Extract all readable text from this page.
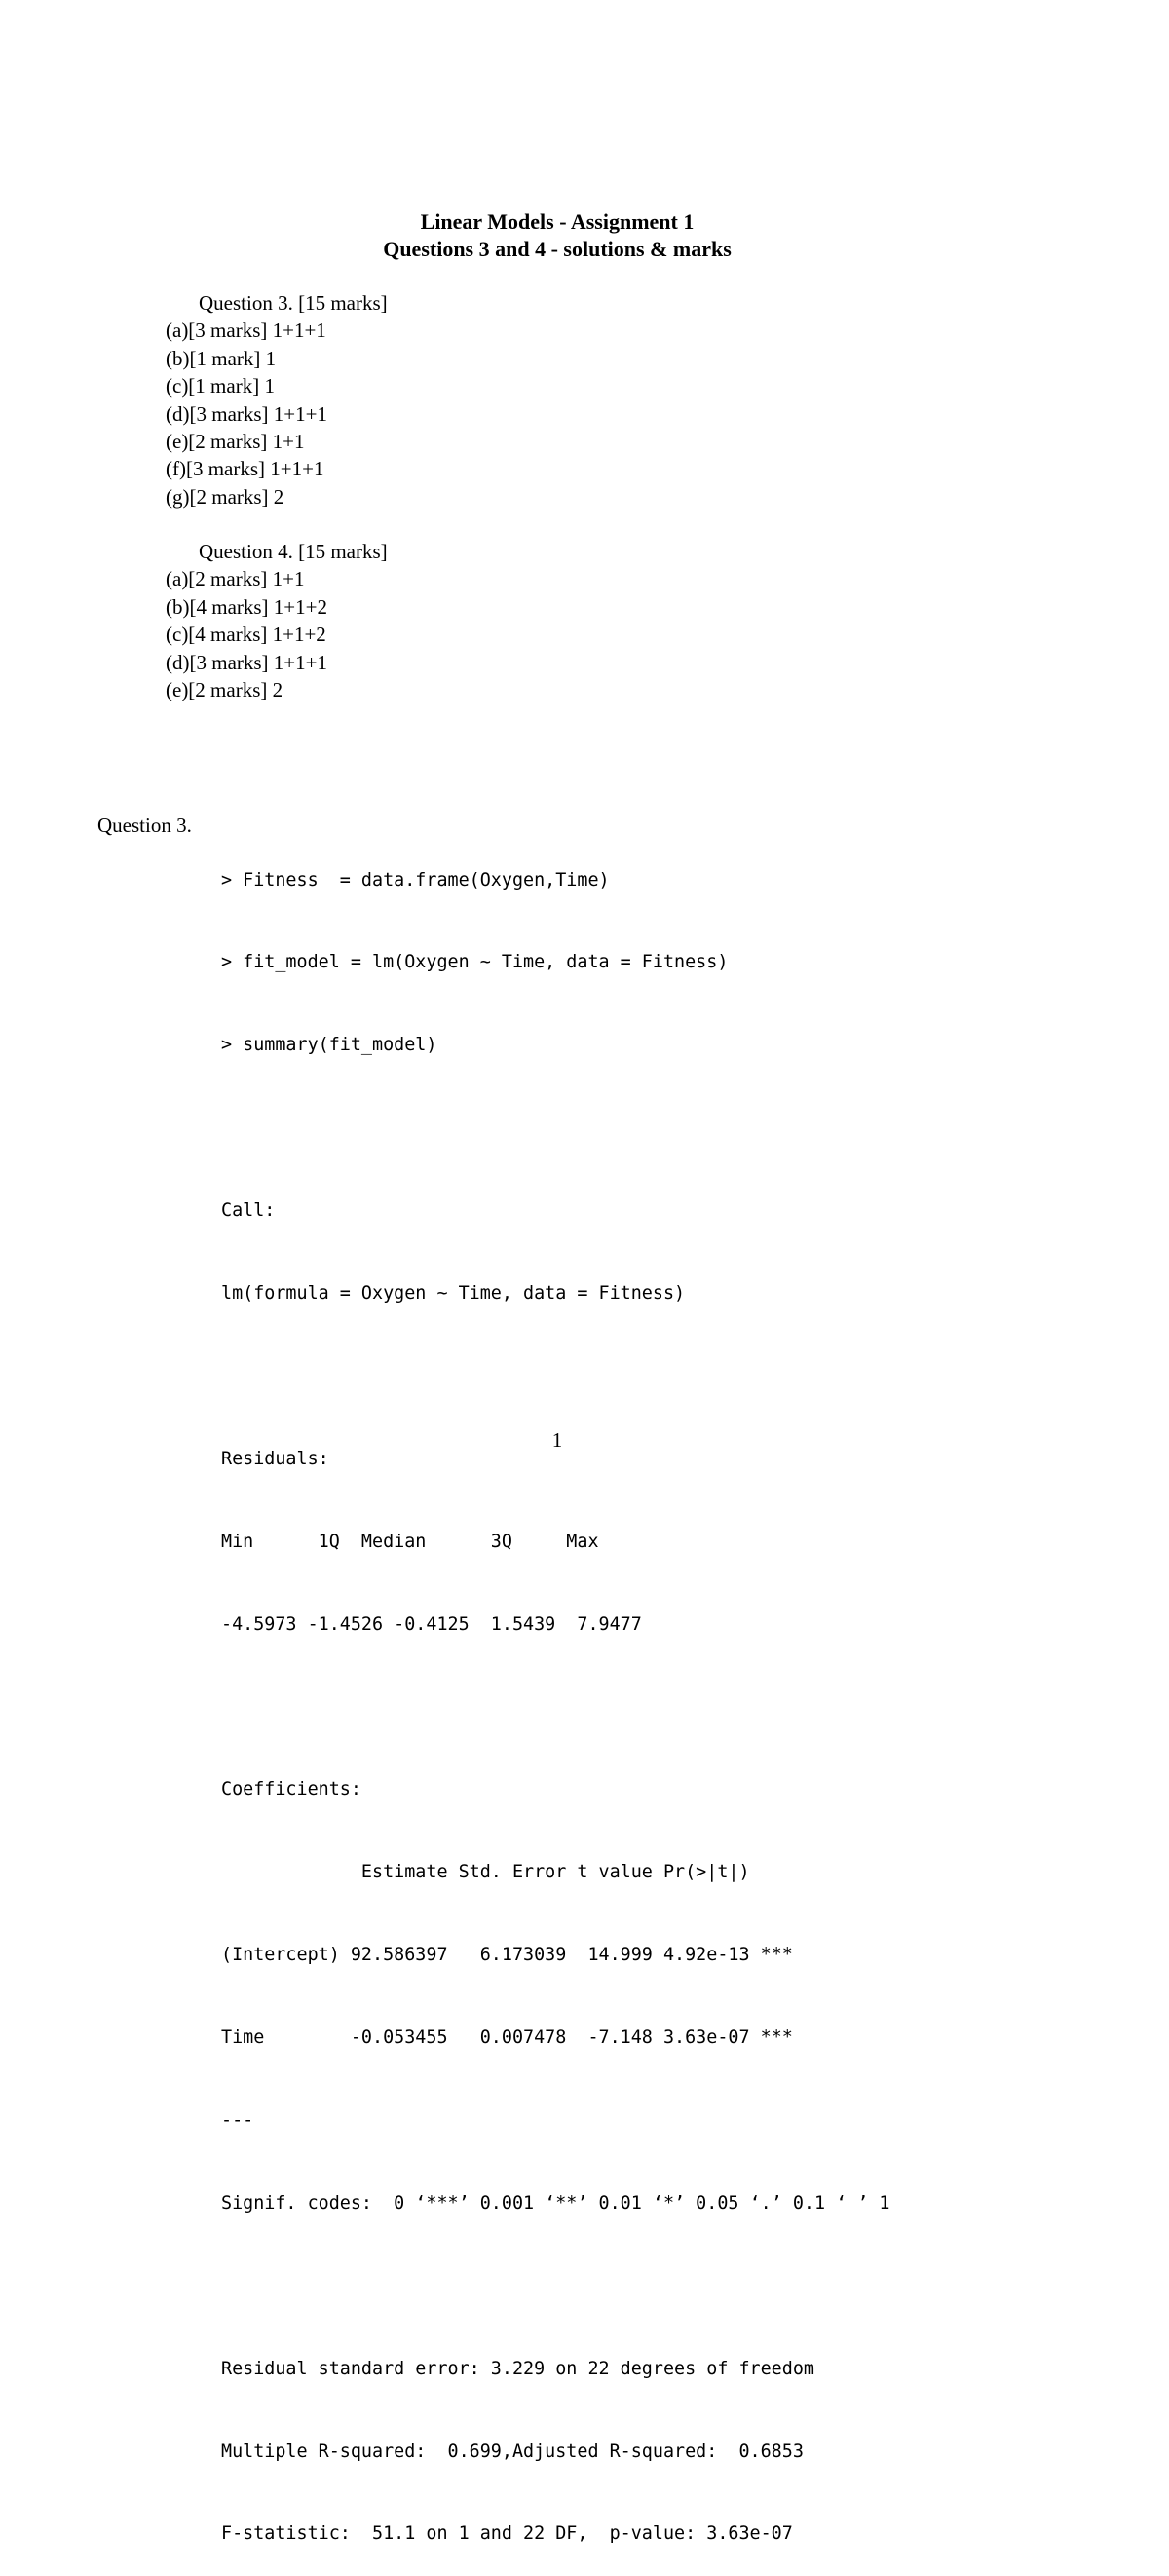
Linear Models - Assignment 1
Questions 3 and 4 - solutions & marks
Question 3. [15 marks]
(a)[3 marks] 1+1+1
(b)[1 mark] 1
(c)[1 mark] 1
(d)[3 marks] 1+1+1
(e)[2 marks] 1+1
(f)[3 marks] 1+1+1
(g)[2 marks] 2
Question 4. [15 marks]
(a)[2 marks] 1+1
(b)[4 marks] 1+1+2
(c)[4 marks] 1+1+2
(d)[3 marks] 1+1+1
(e)[2 marks] 2
Question 3.

> Fitness  = data.frame(Oxygen,Time)

> fit_model = lm(Oxygen ~ Time, data = Fitness)

> summary(fit_model)

Call:

lm(formula = Oxygen ~ Time, data = Fitness)

Residuals:

Min      1Q  Median      3Q     Max

-4.5973 -1.4526 -0.4125  1.5439  7.9477

Coefficients:

Estimate Std. Error t value Pr(>|t|)

(Intercept) 92.586397   6.173039  14.999 4.92e-13 ***

Time        -0.053455   0.007478  -7.148 3.63e-07 ***

---

Signif. codes:  0 ‘***’ 0.001 ‘**’ 0.01 ‘*’ 0.05 ‘.’ 0.1 ‘ ’ 1

Residual standard error: 3.229 on 22 degrees of freedom

Multiple R-squared:  0.699,Adjusted R-squared:  0.6853

F-statistic:  51.1 on 1 and 22 DF,  p-value: 3.63e-07

1
